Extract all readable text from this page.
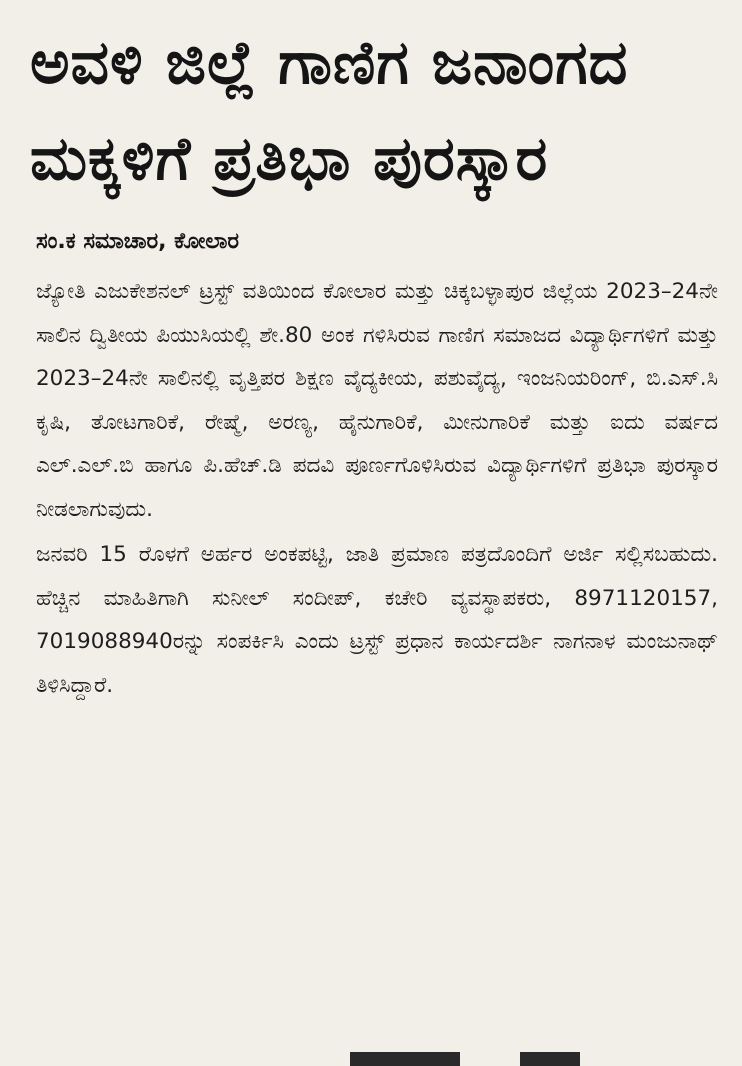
ಅವಳಿ ಜಿಲ್ಲೆ ಗಾಣಿಗ ಜನಾಂಗದ
ಮಕ್ಕಳಿಗೆ ಪ್ರತಿಭಾ ಪುರಸ್ಕಾರ
ಸಂ.ಕ ಸಮಾಚಾರ, ಕೋಲಾರ

ಜ್ಯೋತಿ ಎಜುಕೇಶನಲ್ ಟ್ರಸ್ಟ್ ವತಿಯಿಂದ ಕೋಲಾರ ಮತ್ತು ಚಿಕ್ಕಬಳ್ಳಾಪುರ ಜಿಲ್ಲೆಯ 2023–24ನೇ ಸಾಲಿನ ದ್ವಿತೀಯ ಪಿಯುಸಿಯಲ್ಲಿ ಶೇ.80 ಅಂಕ ಗಳಿಸಿರುವ ಗಾಣಿಗ ಸಮಾಜದ ವಿದ್ಯಾರ್ಥಿಗಳಿಗೆ ಮತ್ತು 2023–24ನೇ ಸಾಲಿನಲ್ಲಿ ವೃತ್ತಿಪರ ಶಿಕ್ಷಣ ವೈದ್ಯಕೀಯ, ಪಶುವೈದ್ಯ, ಇಂಜನಿಯರಿಂಗ್, ಬಿ.ಎಸ್.ಸಿ ಕೃಷಿ, ತೋಟಗಾರಿಕೆ, ರೇಷ್ಮೆ, ಅರಣ್ಯ, ಹೈನುಗಾರಿಕೆ, ಮೀನುಗಾರಿಕೆ ಮತ್ತು ಐದು ವರ್ಷದ ಎಲ್.ಎಲ್.ಬಿ ಹಾಗೂ ಪಿ.ಹೆಚ್.ಡಿ ಪದವಿ ಪೂರ್ಣಗೊಳಿಸಿರುವ ವಿದ್ಯಾರ್ಥಿಗಳಿಗೆ ಪ್ರತಿಭಾ ಪುರಸ್ಕಾರ ನೀಡಲಾಗುವುದು.

ಜನವರಿ 15 ರೊಳಗೆ ಅರ್ಹರ ಅಂಕಪಟ್ಟಿ, ಜಾತಿ ಪ್ರಮಾಣ ಪತ್ರದೊಂದಿಗೆ ಅರ್ಜಿ ಸಲ್ಲಿಸಬಹುದು. ಹೆಚ್ಚಿನ ಮಾಹಿತಿಗಾಗಿ ಸುನೀಲ್ ಸಂದೀಪ್, ಕಚೇರಿ ವ್ಯವಸ್ಥಾಪಕರು, 8971120157, 7019088940ರನ್ನು ಸಂಪರ್ಕಿಸಿ ಎಂದು ಟ್ರಸ್ಟ್ ಪ್ರಧಾನ ಕಾರ್ಯದರ್ಶಿ ನಾಗನಾಳ ಮಂಜುನಾಥ್ ತಿಳಿಸಿದ್ದಾರೆ.
